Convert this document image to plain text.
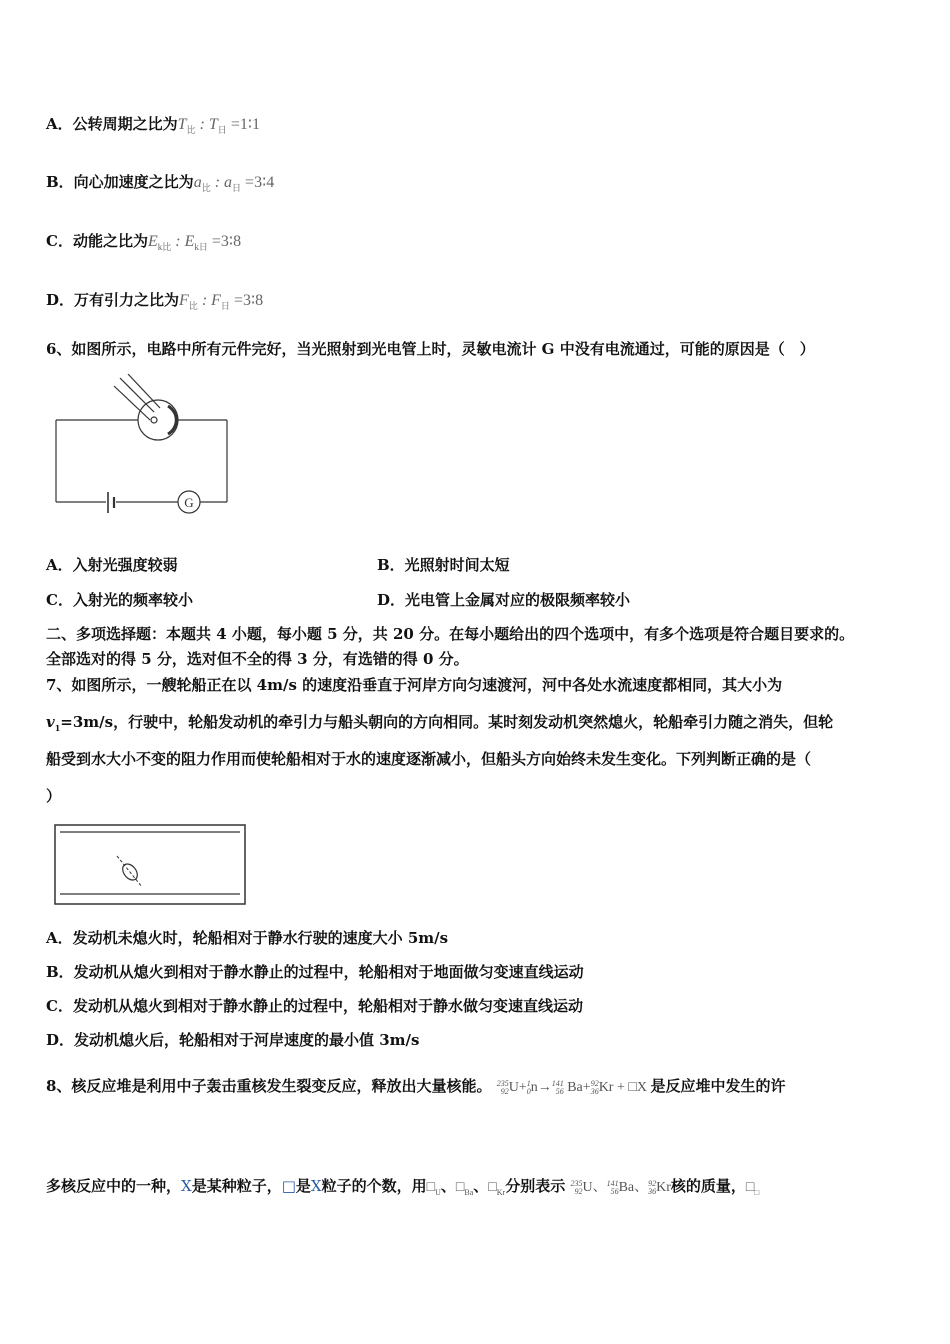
A．公转周期之比为$T_比$ : $T_日$ =1∶1
B．向心加速度之比为$a_比$ : $a_日$ =3∶4
C．动能之比为$E_{k比}$ : $E_{k日}$ =3∶8
D．万有引力之比为$F_比$ : $F_日$ =3∶8
6、如图所示，电路中所有元件完好，当光照射到光电管上时，灵敏电流计 G 中没有电流通过，可能的原因是（　）
G
A．入射光强度较弱	B．光照射时间太短
C．入射光的频率较小	D．光电管上金属对应的极限频率较小
二、多项选择题：本题共 4 小题，每小题 5 分，共 20 分。在每小题给出的四个选项中，有多个选项是符合题目要求的。
全部选对的得 5 分，选对但不全的得 3 分，有选错的得 0 分。
7、如图所示，一艘轮船正在以 4m/s 的速度沿垂直于河岸方向匀速渡河，河中各处水流速度都相同，其大小为
$v_1=3m/s$，行驶中，轮船发动机的牵引力与船头朝向的方向相同。某时刻发动机突然熄火，轮船牵引力随之消失，但轮
船受到水大小不变的阻力作用而使轮船相对于水的速度逐渐减小，但船头方向始终未发生变化。下列判断正确的是（
）
A．发动机未熄火时，轮船相对于静水行驶的速度大小 5m/s
B．发动机从熄火到相对于静水静止的过程中，轮船相对于地面做匀变速直线运动
C．发动机从熄火到相对于静水静止的过程中，轮船相对于静水做匀变速直线运动
D．发动机熄火后，轮船相对于河岸速度的最小值 3m/s
8、核反应堆是利用中子轰击重核发生裂变反应，释放出大量核能。 235
92U+1
0n→141
56 Ba+92
36Kr + □X 是反应堆中发生的许
多核反应中的一种，X是某种粒子，□是X粒子的个数，用$□_U$、$□_{Ba}$、$□_{Kr}$分别表示 235
92U、141
56Ba、92
36Kr核的质量，$□_□$
